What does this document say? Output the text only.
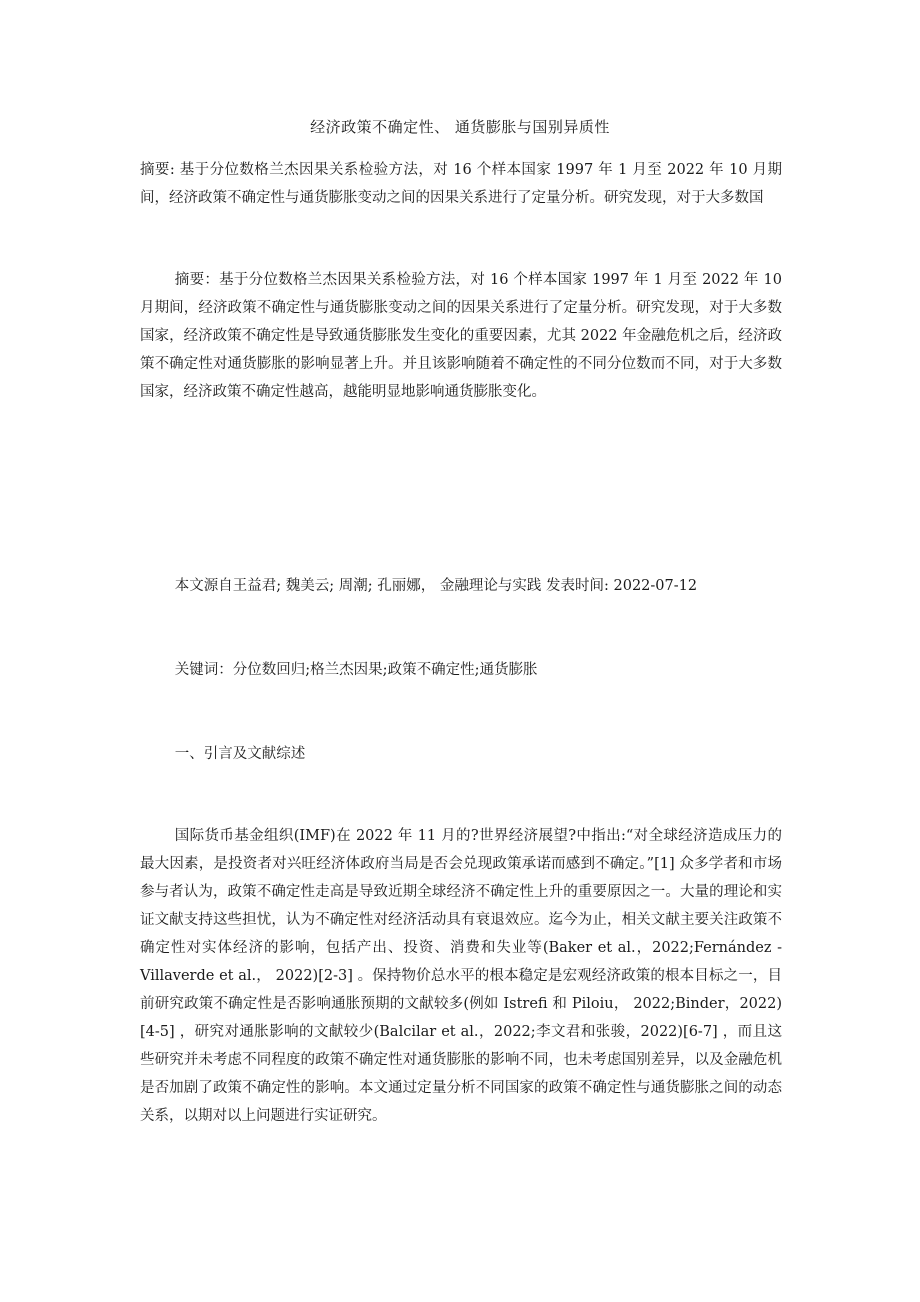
经济政策不确定性、 通货膨胀与国别异质性

摘要: 基于分位数格兰杰因果关系检验方法，对 16 个样本国家 1997 年 1 月至 2022 年 10 月期间，经济政策不确定性与通货膨胀变动之间的因果关系进行了定量分析。研究发现，对于大多数国

摘要：基于分位数格兰杰因果关系检验方法，对 16 个样本国家 1997 年 1 月至 2022 年 10 月期间，经济政策不确定性与通货膨胀变动之间的因果关系进行了定量分析。研究发现，对于大多数国家，经济政策不确定性是导致通货膨胀发生变化的重要因素，尤其 2022 年金融危机之后，经济政策不确定性对通货膨胀的影响显著上升。并且该影响随着不确定性的不同分位数而不同，对于大多数国家，经济政策不确定性越高，越能明显地影响通货膨胀变化。

本文源自王益君; 魏美云; 周潮; 孔丽娜， 金融理论与实践 发表时间: 2022-07-12

关键词：分位数回归;格兰杰因果;政策不确定性;通货膨胀

一、引言及文献综述

国际货币基金组织(IMF)在 2022 年 11 月的?世界经济展望?中指出:“对全球经济造成压力的最大因素，是投资者对兴旺经济体政府当局是否会兑现政策承诺而感到不确定。”[1] 众多学者和市场参与者认为，政策不确定性走高是导致近期全球经济不确定性上升的重要原因之一。大量的理论和实证文献支持这些担忧，认为不确定性对经济活动具有衰退效应。迄今为止，相关文献主要关注政策不确定性对实体经济的影响，包括产出、投资、消费和失业等(Baker et al.，2022;Fernández - Villaverde et al.， 2022)[2-3] 。保持物价总水平的根本稳定是宏观经济政策的根本目标之一，目前研究政策不确定性是否影响通胀预期的文献较多(例如 Istrefi 和 Piloiu， 2022;Binder，2022)[4-5] ，研究对通胀影响的文献较少(Balcilar et al.，2022;李文君和张骏，2022)[6-7] ，而且这些研究并未考虑不同程度的政策不确定性对通货膨胀的影响不同，也未考虑国别差异，以及金融危机是否加剧了政策不确定性的影响。本文通过定量分析不同国家的政策不确定性与通货膨胀之间的动态关系，以期对以上问题进行实证研究。
